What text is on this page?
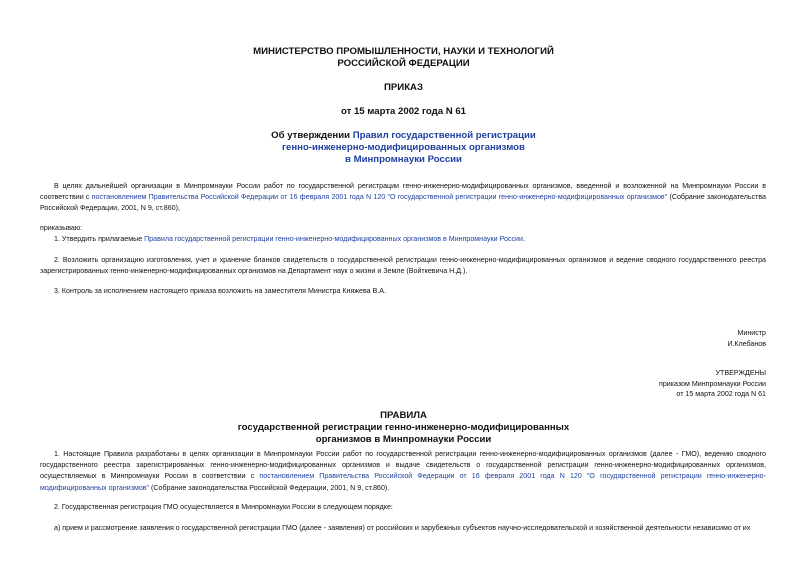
МИНИСТЕРСТВО ПРОМЫШЛЕННОСТИ, НАУКИ И ТЕХНОЛОГИЙ
РОССИЙСКОЙ ФЕДЕРАЦИИ
ПРИКАЗ
от 15 марта 2002 года N 61
Об утверждении Правил государственной регистрации
генно-инженерно-модифицированных организмов
в Минпромнауки России
В целях дальнейшей организации в Минпромнауки России работ по государственной регистрации генно-инженерно-модифицированных организмов, введенной и возложенной на Минпромнауки России в соответствии с постановлением Правительства Российской Федерации от 16 февраля 2001 года N 120 "О государственной регистрации генно-инженерно-модифицированных организмов" (Собрание законодательства Российской Федерации, 2001, N 9, ст.860),
приказываю:
1. Утвердить прилагаемые Правила государственной регистрации генно-инженерно-модифицированных организмов в Минпромнауки России.
2. Возложить организацию изготовления, учет и хранение бланков свидетельств о государственной регистрации генно-инженерно-модифицированных организмов и ведение сводного государственного реестра зарегистрированных генно-инженерно-модифицированных организмов на Департамент наук о жизни и Земле (Войткевича Н.Д.).
3. Контроль за исполнением настоящего приказа возложить на заместителя Министра Княжева В.А.
Министр
И.Клебанов
УТВЕРЖДЕНЫ
приказом Минпромнауки России
от 15 марта 2002 года N 61
ПРАВИЛА
государственной регистрации генно-инженерно-модифицированных
организмов в Минпромнауки России
1. Настоящие Правила разработаны в целях организации в Минпромнауки России работ по государственной регистрации генно-инженерно-модифицированных организмов (далее - ГМО), ведению сводного государственного реестра зарегистрированных генно-инженерно-модифицированных организмов и выдаче свидетельств о государственной регистрации генно-инженерно-модифицированных организмов, осуществляемых в Минпромнауки России в соответствии с постановлением Правительства Российской Федерации от 16 февраля 2001 года N 120 "О государственной регистрации генно-инженерно-модифицированных организмов" (Собрание законодательства Российской Федерации, 2001, N 9, ст.860).
2. Государственная регистрация ГМО осуществляется в Минпромнауки России в следующем порядке:
а) прием и рассмотрение заявления о государственной регистрации ГМО (далее - заявления) от российских и зарубежных субъектов научно-исследовательской и хозяйственной деятельности независимо от их
